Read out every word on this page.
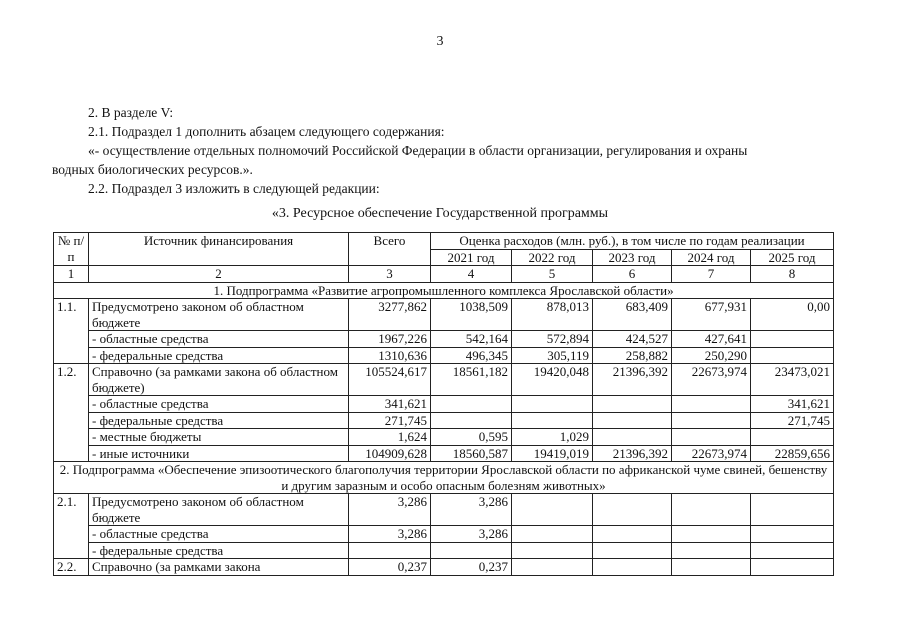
3
2. В разделе V:
2.1. Подраздел 1 дополнить абзацем следующего содержания:
«- осуществление отдельных полномочий Российской Федерации в области организации, регулирования и охраны
водных биологических ресурсов.».
2.2. Подраздел 3 изложить в следующей редакции:
«3. Ресурсное обеспечение Государственной программы
№ п/п	Источник финансирования	Всего	Оценка расходов (млн. руб.), в том числе по годам реализации				
			2021 год	2022 год	2023 год	2024 год	2025 год
1	2	3	4	5	6	7	8
1. Подпрограмма «Развитие агропромышленного комплекса Ярославской области»							
1.1.	Предусмотрено законом об областном бюджете	3277,862	1038,509	878,013	683,409	677,931	0,00
	- областные средства	1967,226	542,164	572,894	424,527	427,641	
	- федеральные средства	1310,636	496,345	305,119	258,882	250,290	
1.2.	Справочно (за рамками закона об областном бюджете)	105524,617	18561,182	19420,048	21396,392	22673,974	23473,021
	- областные средства	341,621					341,621
	- федеральные средства	271,745					271,745
	- местные бюджеты	1,624	0,595	1,029			
	- иные источники	104909,628	18560,587	19419,019	21396,392	22673,974	22859,656
2. Подпрограмма «Обеспечение эпизоотического благополучия территории Ярославской области по африканской чуме свиней, бешенству и другим заразным и особо опасным болезням животных»							
2.1.	Предусмотрено законом об областном бюджете	3,286	3,286				
	- областные средства	3,286	3,286				
	- федеральные средства						
2.2.	Справочно (за рамками закона	0,237	0,237				
